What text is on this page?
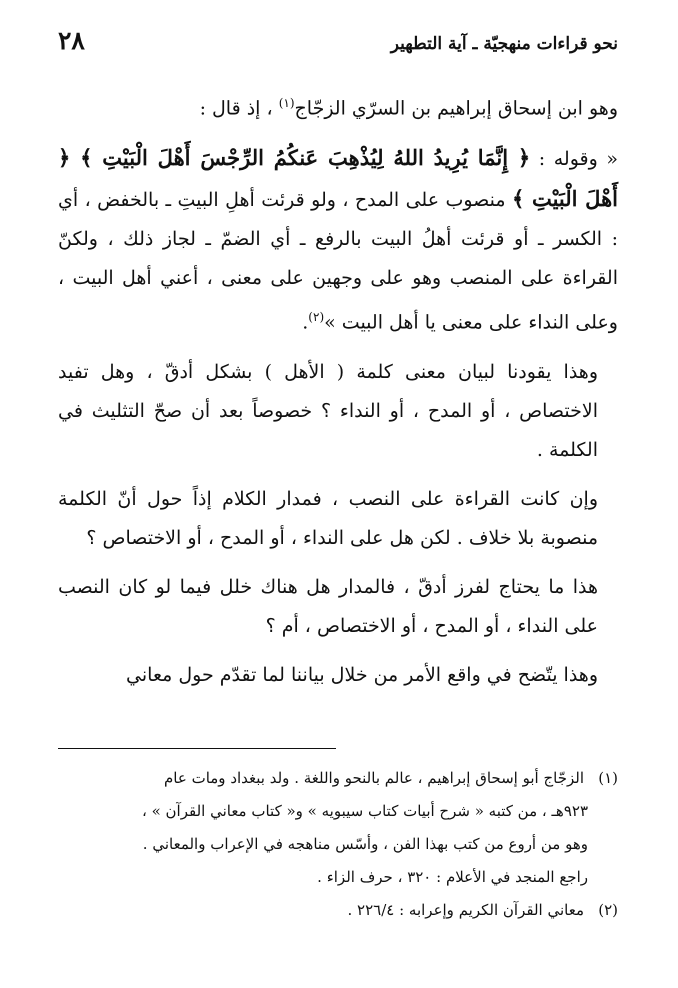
نحو قراءات منهجيّة ـ آية التطهير
٢٨

وهو ابن إسحاق إبراهيم بن السرّي الزجّاج$^{(١)}$ ، إذ قال :

« وقوله : ﴿ إِنَّمَا يُرِيدُ اللهُ لِيُذْهِبَ عَنكُمُ الرِّجْسَ أَهْلَ الْبَيْتِ ﴾ ﴿ أَهْلَ الْبَيْتِ ﴾ منصوب على المدح ، ولو قرئت أهلِ البيتِ ـ بالخفض ، أي : الكسر ـ أو قرئت أهلُ البيت بالرفع ـ أي الضمّ ـ لجاز ذلك ، ولكنّ القراءة على المنصب وهو على وجهين على معنى ، أعني أهل البيت ، وعلى النداء على معنى يا أهل البيت »$^{(٢)}$.

وهذا يقودنا لبيان معنى كلمة ( الأهل ) بشكل أدقّ ، وهل تفيد الاختصاص ، أو المدح ، أو النداء ؟ خصوصاً بعد أن صحّ التثليث في الكلمة .

وإن كانت القراءة على النصب ، فمدار الكلام إذاً حول أنّ الكلمة منصوبة بلا خلاف . لكن هل على النداء ، أو المدح ، أو الاختصاص ؟

هذا ما يحتاج لفرز أدقّ ، فالمدار هل هناك خلل فيما لو كان النصب على النداء ، أو المدح ، أو الاختصاص ، أم ؟

وهذا يتّضح في واقع الأمر من خلال بياننا لما تقدّم حول معاني

(١)الزجّاج أبو إسحاق إبراهيم ، عالم بالنحو واللغة . ولد ببغداد ومات عام

٩٢٣هـ ، من كتبه « شرح أبيات كتاب سيبويه » و« كتاب معاني القرآن » ،

وهو من أروع من كتب بهذا الفن ، وأسّس مناهجه في الإعراب والمعاني .

راجع المنجد في الأعلام : ٣٢٠ ، حرف الزاء .

(٢)معاني القرآن الكريم وإعرابه : ٢٢٦/٤ .
